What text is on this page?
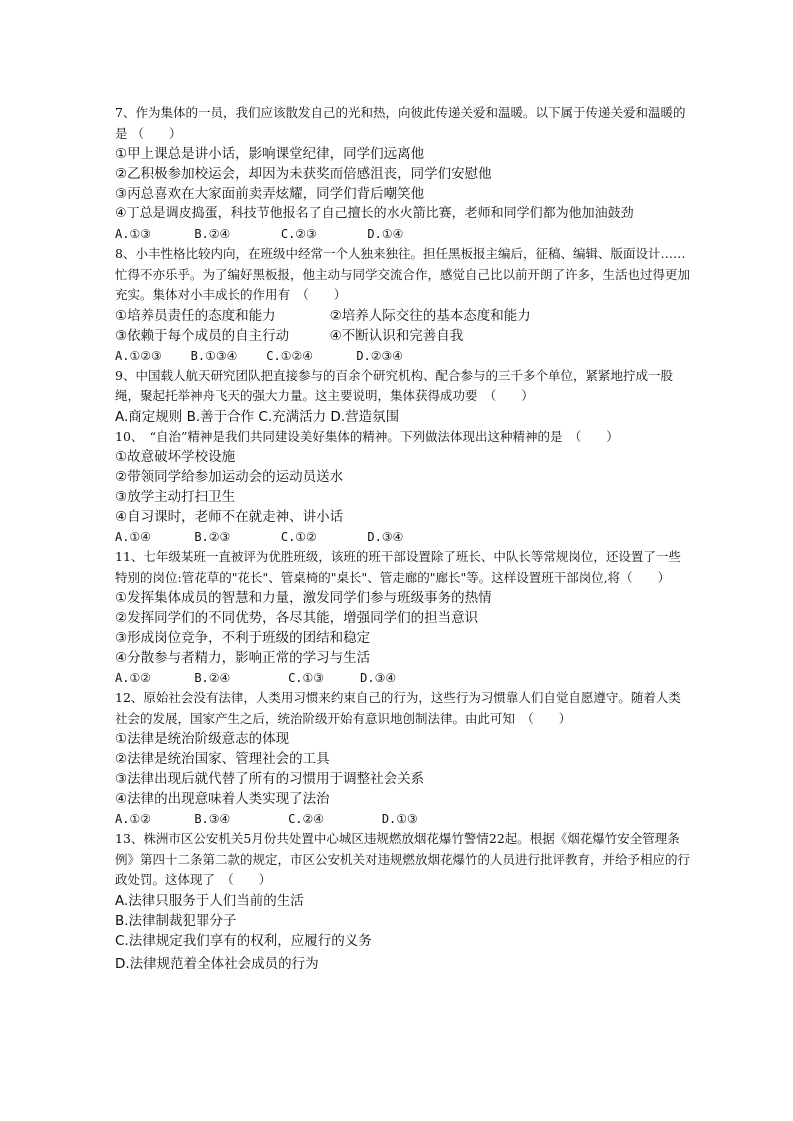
7、作为集体的一员，我们应该散发自己的光和热，向彼此传递关爱和温暖。以下属于传递关爱和温暖的是 （　　）
①甲上课总是讲小话，影响课堂纪律，同学们远离他
②乙积极参加校运会，却因为未获奖而倍感沮丧，同学们安慰他
③丙总喜欢在大家面前卖弄炫耀，同学们背后嘲笑他
④丁总是调皮捣蛋，科技节他报名了自己擅长的水火箭比赛，老师和同学们都为他加油鼓劲
A.①③      B.②④       C.②③       D.①④
8、小丰性格比较内向，在班级中经常一个人独来独往。担任黑板报主编后，征稿、编辑、版面设计……忙得不亦乐乎。为了编好黑板报，他主动与同学交流合作，感觉自己比以前开朗了许多，生活也过得更加充实。集体对小丰成长的作用有　（　　）
①培养员责任的态度和能力　　　　②培养人际交往的基本态度和能力
③依赖于每个成员的自主行动　　　④不断认识和完善自我
A.①②③    B.①③④    C.①②④      D.②③④
9、中国载人航天研究团队把直接参与的百余个研究机构、配合参与的三千多个单位，紧紧地拧成一股绳，聚起托举神舟飞天的强大力量。这主要说明，集体获得成功要　（　　）
A.商定规则 B.善于合作 C.充满活力 D.营造氛围
10、　“自治”精神是我们共同建设美好集体的精神。下列做法体现出这种精神的是　（　　）
①故意破坏学校设施
②带领同学给参加运动会的运动员送水
③放学主动打扫卫生
④自习课时，老师不在就走神、讲小话
A.①④      B.②③       C.①②       D.③④
11、七年级某班一直被评为优胜班级，该班的班干部设置除了班长、中队长等常规岗位，还设置了一些特别的岗位:管花草的"花长"、管桌椅的"桌长"、管走廊的"廊长"等。这样设置班干部岗位,将（　　）
①发挥集体成员的智慧和力量，激发同学们参与班级事务的热情
②发挥同学们的不同优势，各尽其能，增强同学们的担当意识
③形成岗位竞争，不利于班级的团结和稳定
④分散参与者精力，影响正常的学习与生活
A.①②      B.②④        C.①③     D.③④
12、原始社会没有法律，人类用习惯来约束自己的行为，这些行为习惯靠人们自觉自愿遵守。随着人类社会的发展，国家产生之后，统治阶级开始有意识地创制法律。由此可知　（　　）
①法律是统治阶级意志的体现
②法律是统治国家、管理社会的工具
③法律出现后就代替了所有的习惯用于调整社会关系
④法律的出现意味着人类实现了法治
A.①②      B.③④        C.②④        D.①③
13、株洲市区公安机关5月份共处置中心城区违规燃放烟花爆竹警情22起。根据《烟花爆竹安全管理条例》第四十二条第二款的规定，市区公安机关对违规燃放烟花爆竹的人员进行批评教育，并给予相应的行政处罚。这体现了　（　　）
A.法律只服务于人们当前的生活
B.法律制裁犯罪分子
C.法律规定我们享有的权利，应履行的义务
D.法律规范着全体社会成员的行为
